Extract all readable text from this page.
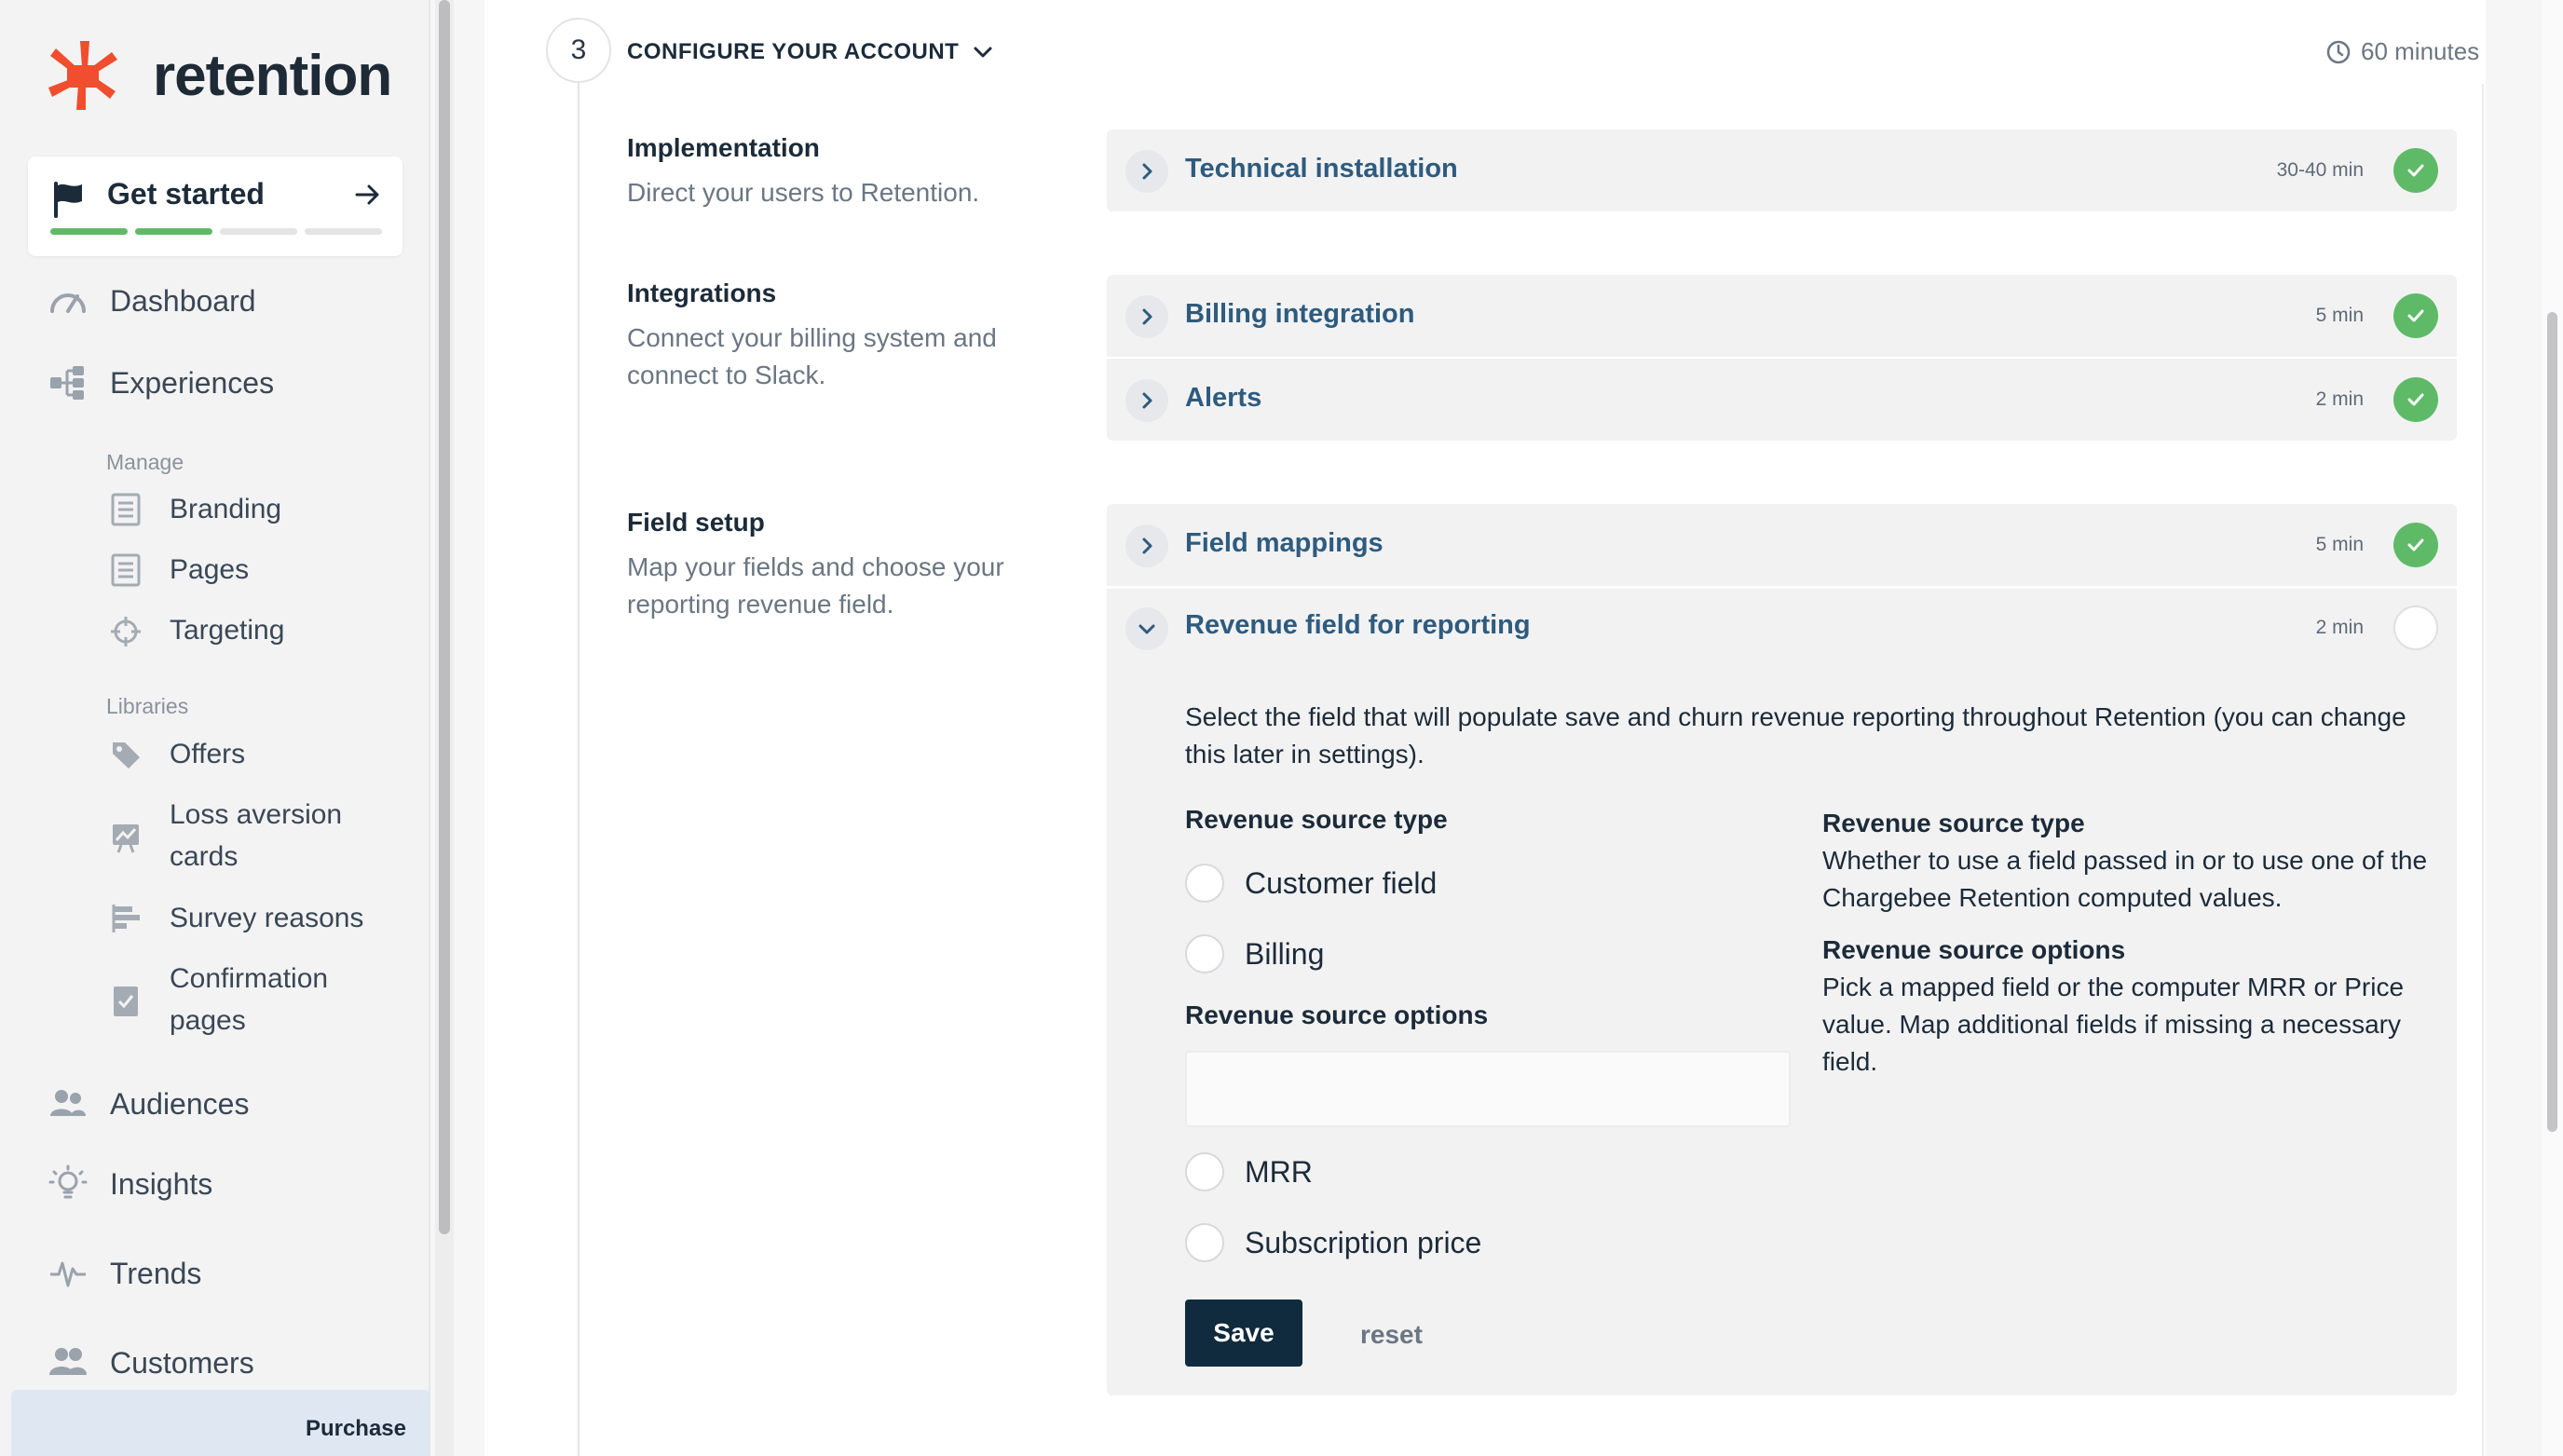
retention
Get started
Dashboard
Experiences
Manage
Branding
Pages
Targeting
Libraries
Offers
Loss aversion
cards
Survey reasons
Confirmation
pages
Audiences
Insights
Trends
Customers
Purchase
3	CONFIGURE YOUR ACCOUNT	60 minutes
Implementation
Direct your users to Retention.
Technical installation	30-40 min
Integrations
Connect your billing system and connect to Slack.
Billing integration	5 min
Alerts	2 min
Field setup
Map your fields and choose your reporting revenue field.
Field mappings	5 min
Revenue field for reporting	2 min
Select the field that will populate save and churn revenue reporting throughout Retention (you can change this later in settings).
Revenue source type
Customer field
Billing
Revenue source options
MRR
Subscription price
Revenue source type
Whether to use a field passed in or to use one of the Chargebee Retention computed values.
Revenue source options
Pick a mapped field or the computer MRR or Price value. Map additional fields if missing a necessary field.
Save	reset
